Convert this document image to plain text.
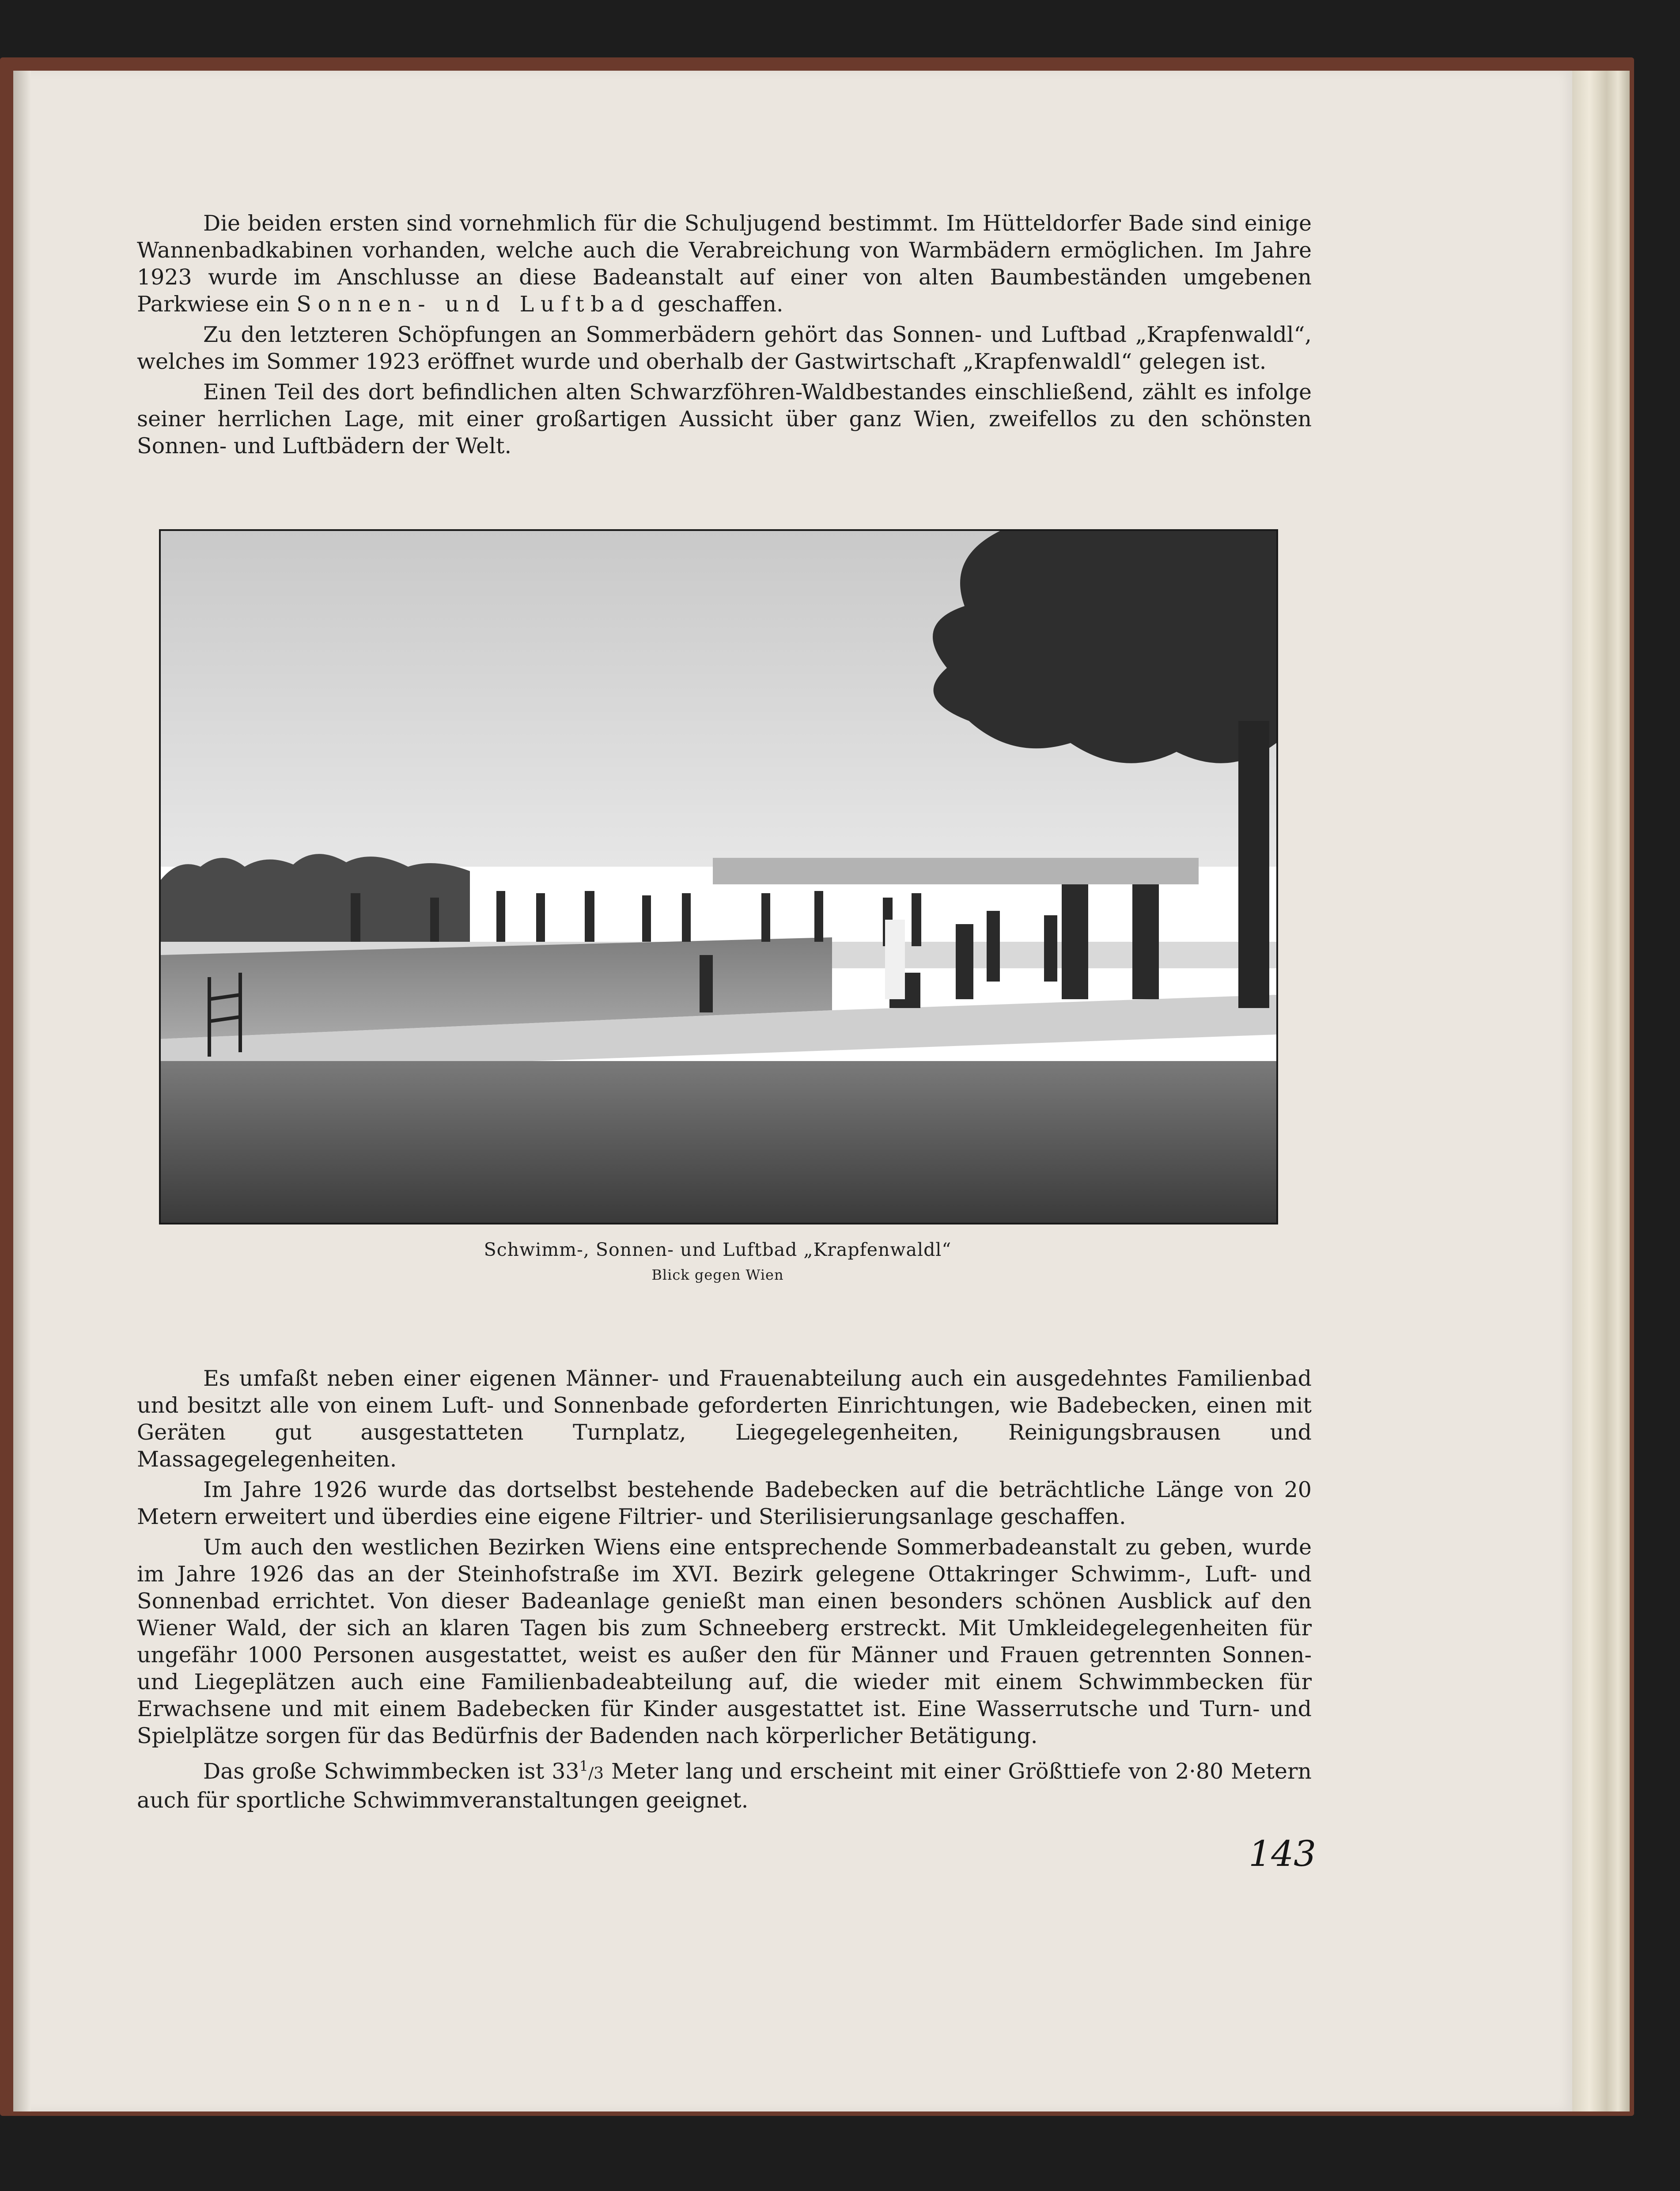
Die beiden ersten sind vornehmlich für die Schuljugend bestimmt. Im Hütteldorfer Bade sind einige Wannenbadkabinen vorhanden, welche auch die Verabreichung von Warmbädern ermöglichen. Im Jahre 1923 wurde im Anschlusse an diese Badeanstalt auf einer von alten Baumbeständen umgebenen Parkwiese ein Sonnen- und Luftbad geschaffen.

Zu den letzteren Schöpfungen an Sommerbädern gehört das Sonnen- und Luftbad „Krapfenwaldl“, welches im Sommer 1923 eröffnet wurde und oberhalb der Gastwirtschaft „Krapfenwaldl“ gelegen ist.

Einen Teil des dort befindlichen alten Schwarzföhren-Waldbestandes einschließend, zählt es infolge seiner herrlichen Lage, mit einer großartigen Aussicht über ganz Wien, zweifellos zu den schönsten Sonnen- und Luftbädern der Welt.

Schwimm-, Sonnen- und Luftbad „Krapfenwaldl“
Blick gegen Wien

Es umfaßt neben einer eigenen Männer- und Frauenabteilung auch ein ausgedehntes Familienbad und besitzt alle von einem Luft- und Sonnenbade geforderten Einrichtungen, wie Badebecken, einen mit Geräten gut ausgestatteten Turnplatz, Liegegelegenheiten, Reinigungsbrausen und Massagegelegenheiten.

Im Jahre 1926 wurde das dortselbst bestehende Badebecken auf die beträchtliche Länge von 20 Metern erweitert und überdies eine eigene Filtrier- und Sterilisierungsanlage geschaffen.

Um auch den westlichen Bezirken Wiens eine entsprechende Sommerbadeanstalt zu geben, wurde im Jahre 1926 das an der Steinhofstraße im XVI. Bezirk gelegene Ottakringer Schwimm-, Luft- und Sonnenbad errichtet. Von dieser Badeanlage genießt man einen besonders schönen Ausblick auf den Wiener Wald, der sich an klaren Tagen bis zum Schneeberg erstreckt. Mit Umkleidegelegenheiten für ungefähr 1000 Personen ausgestattet, weist es außer den für Männer und Frauen getrennten Sonnen- und Liegeplätzen auch eine Familienbadeabteilung auf, die wieder mit einem Schwimmbecken für Erwachsene und mit einem Badebecken für Kinder ausgestattet ist. Eine Wasserrutsche und Turn- und Spielplätze sorgen für das Bedürfnis der Badenden nach körperlicher Betätigung.

Das große Schwimmbecken ist $33^1/3$ Meter lang und erscheint mit einer Größttiefe von 2·80 Metern auch für sportliche Schwimmveranstaltungen geeignet.

143
